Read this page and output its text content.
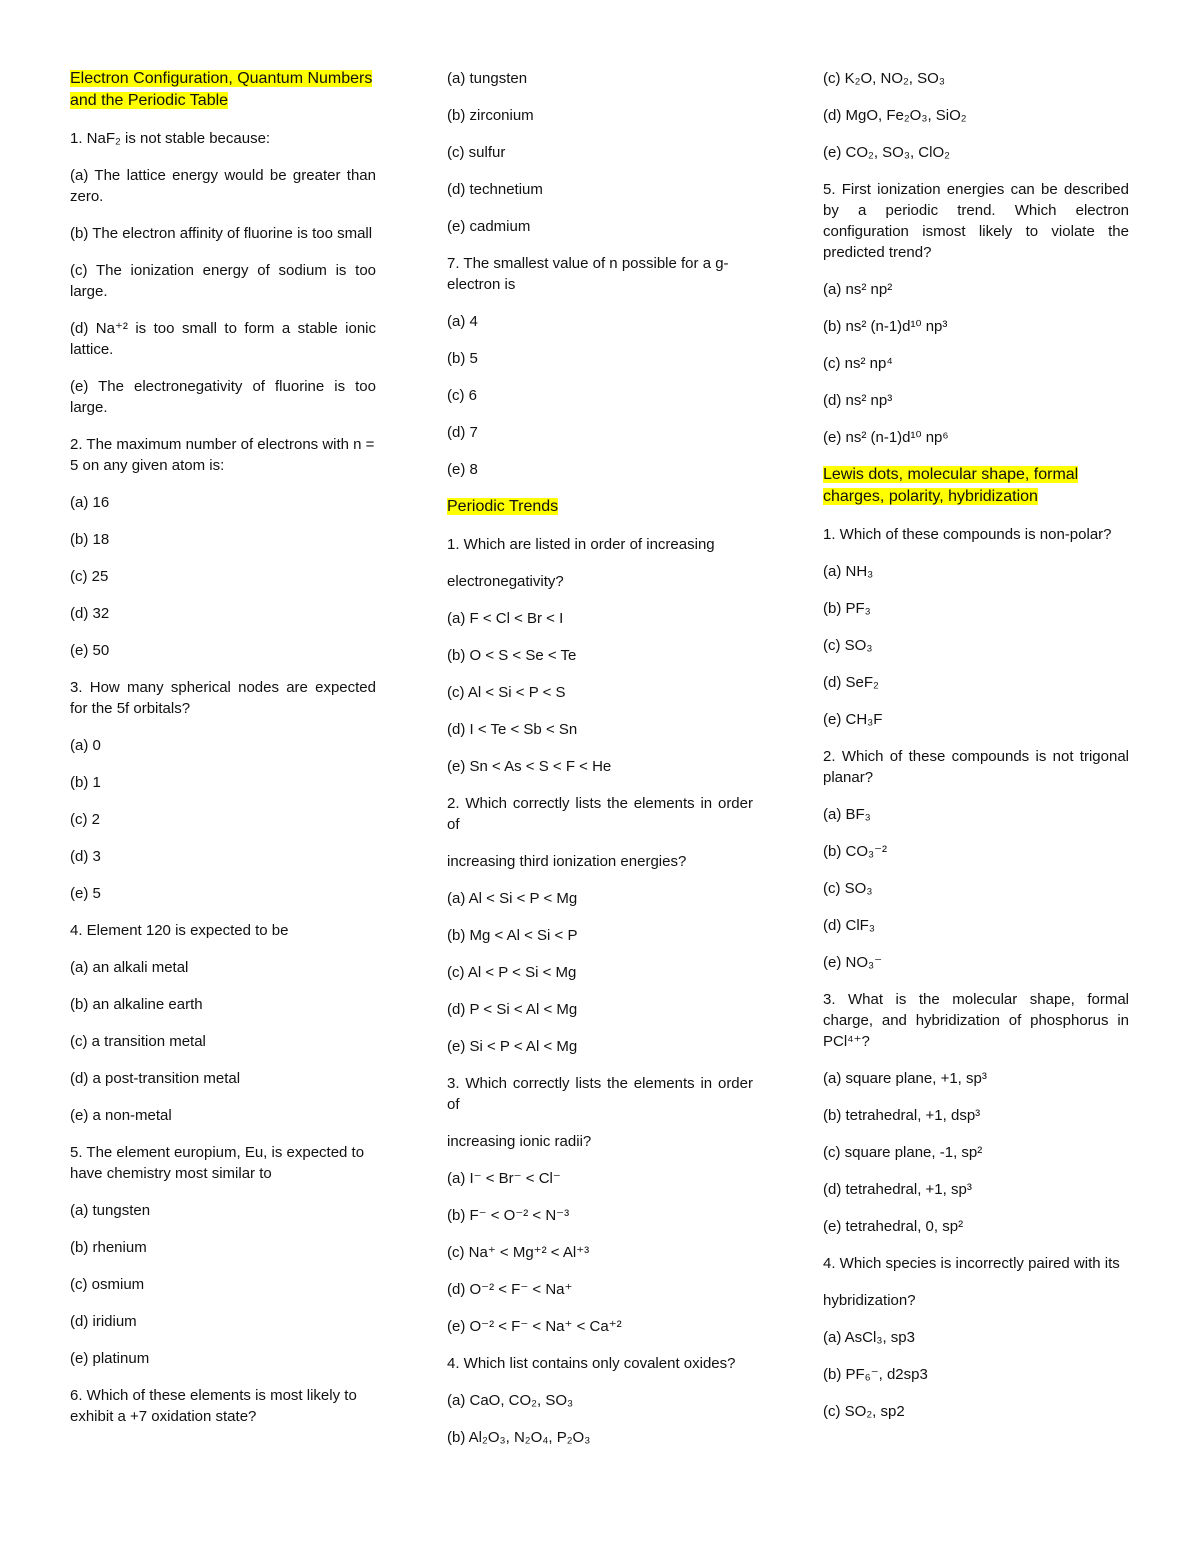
Electron Configuration, Quantum Numbers and the Periodic Table

1. NaF₂ is not stable because:

(a) The lattice energy would be greater than zero.

(b) The electron affinity of fluorine is too small

(c) The ionization energy of sodium is too large.

(d) Na⁺² is too small to form a stable ionic lattice.

(e) The electronegativity of fluorine is too large.

2. The maximum number of electrons with n = 5 on any given atom is:

(a) 16

(b) 18

(c) 25

(d) 32

(e) 50

3. How many spherical nodes are expected for the 5f orbitals?

(a) 0

(b) 1

(c) 2

(d) 3

(e) 5

4. Element 120 is expected to be

(a) an alkali metal

(b) an alkaline earth

(c) a transition metal

(d) a post-transition metal

(e) a non-metal

5. The element europium, Eu, is expected to have chemistry most similar to

(a) tungsten

(b) rhenium

(c) osmium

(d) iridium

(e) platinum

6. Which of these elements is most likely to exhibit a +7 oxidation state?

(a) tungsten

(b) zirconium

(c) sulfur

(d) technetium

(e) cadmium

7. The smallest value of n possible for a g-electron is

(a) 4

(b) 5

(c) 6

(d) 7

(e) 8

Periodic Trends

1. Which are listed in order of increasing

electronegativity?

(a) F < Cl < Br < I

(b) O < S < Se < Te

(c) Al < Si < P < S

(d) I < Te < Sb < Sn

(e) Sn < As < S < F < He

2. Which correctly lists the elements in order of

increasing third ionization energies?

(a) Al < Si < P < Mg

(b) Mg < Al < Si < P

(c) Al < P < Si < Mg

(d) P < Si < Al < Mg

(e) Si < P < Al < Mg

3. Which correctly lists the elements in order of

increasing ionic radii?

(a) I⁻ < Br⁻ < Cl⁻

(b) F⁻ < O⁻² < N⁻³

(c) Na⁺ < Mg⁺² < Al⁺³

(d) O⁻² < F⁻ < Na⁺

(e) O⁻² < F⁻ < Na⁺ < Ca⁺²

4. Which list contains only covalent oxides?

(a) CaO, CO₂, SO₃

(b) Al₂O₃, N₂O₄, P₂O₃

(c) K₂O, NO₂, SO₃

(d) MgO, Fe₂O₃, SiO₂

(e) CO₂, SO₃, ClO₂

5. First ionization energies can be described by a periodic trend. Which electron configuration ismost likely to violate the predicted trend?

(a) ns² np²

(b) ns² (n-1)d¹⁰ np³

(c) ns² np⁴

(d) ns² np³

(e) ns² (n-1)d¹⁰ np⁶

Lewis dots, molecular shape, formal charges, polarity, hybridization

1. Which of these compounds is non-polar?

(a) NH₃

(b) PF₃

(c) SO₃

(d) SeF₂

(e) CH₃F

2. Which of these compounds is not trigonal planar?

(a) BF₃

(b) CO₃⁻²

(c) SO₃

(d) ClF₃

(e) NO₃⁻

3. What is the molecular shape, formal charge, and hybridization of phosphorus in PCl⁴⁺?

(a) square plane, +1, sp³

(b) tetrahedral, +1, dsp³

(c) square plane, -1, sp²

(d) tetrahedral, +1, sp³

(e) tetrahedral, 0, sp²

4. Which species is incorrectly paired with its

hybridization?

(a) AsCl₃, sp3

(b) PF₆⁻, d2sp3

(c) SO₂, sp2
